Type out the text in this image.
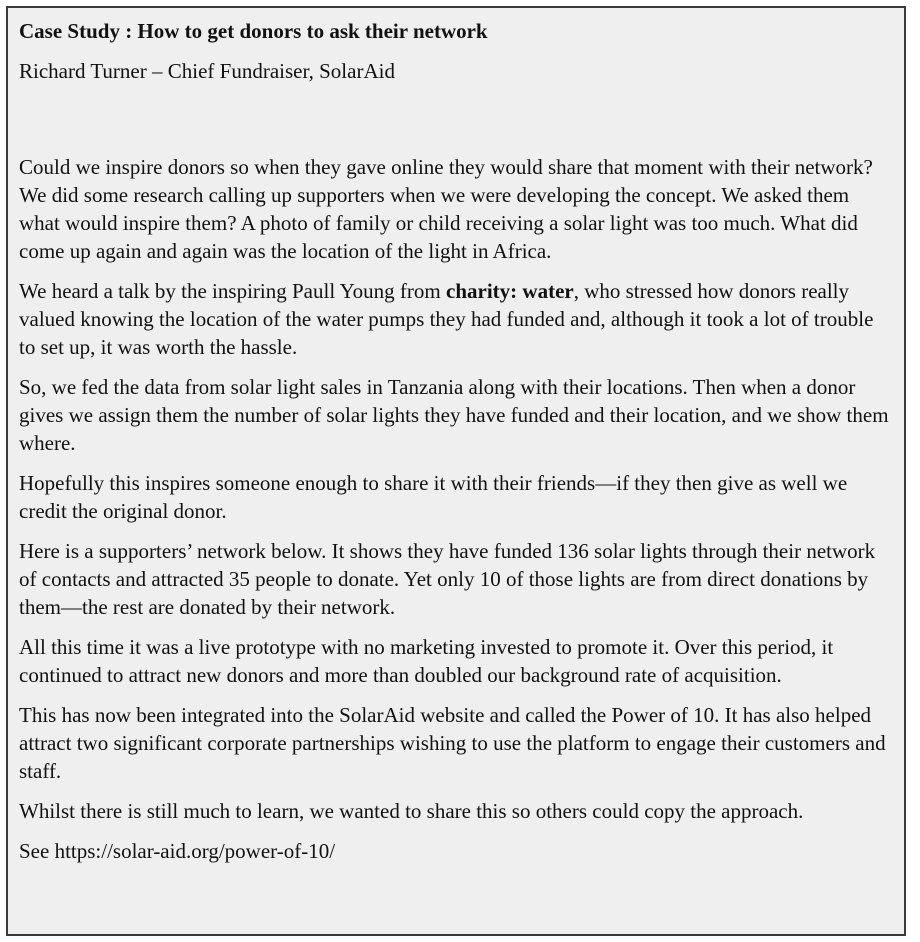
Case Study : How to get donors to ask their network
Richard Turner – Chief Fundraiser, SolarAid
Could we inspire donors so when they gave online they would share that moment with their network? We did some research calling up supporters when we were developing the concept. We asked them what would inspire them? A photo of family or child receiving a solar light was too much. What did come up again and again was the location of the light in Africa.
We heard a talk by the inspiring Paull Young from charity: water, who stressed how donors really valued knowing the location of the water pumps they had funded and, although it took a lot of trouble to set up, it was worth the hassle.
So, we fed the data from solar light sales in Tanzania along with their locations. Then when a donor gives we assign them the number of solar lights they have funded and their location, and we show them where.
Hopefully this inspires someone enough to share it with their friends—if they then give as well we credit the original donor.
Here is a supporters’ network below. It shows they have funded 136 solar lights through their network of contacts and attracted 35 people to donate. Yet only 10 of those lights are from direct donations by them—the rest are donated by their network.
All this time it was a live prototype with no marketing invested to promote it. Over this period, it continued to attract new donors and more than doubled our background rate of acquisition.
This has now been integrated into the SolarAid website and called the Power of 10. It has also helped attract two significant corporate partnerships wishing to use the platform to engage their customers and staff.
Whilst there is still much to learn, we wanted to share this so others could copy the approach.
See https://solar-aid.org/power-of-10/
